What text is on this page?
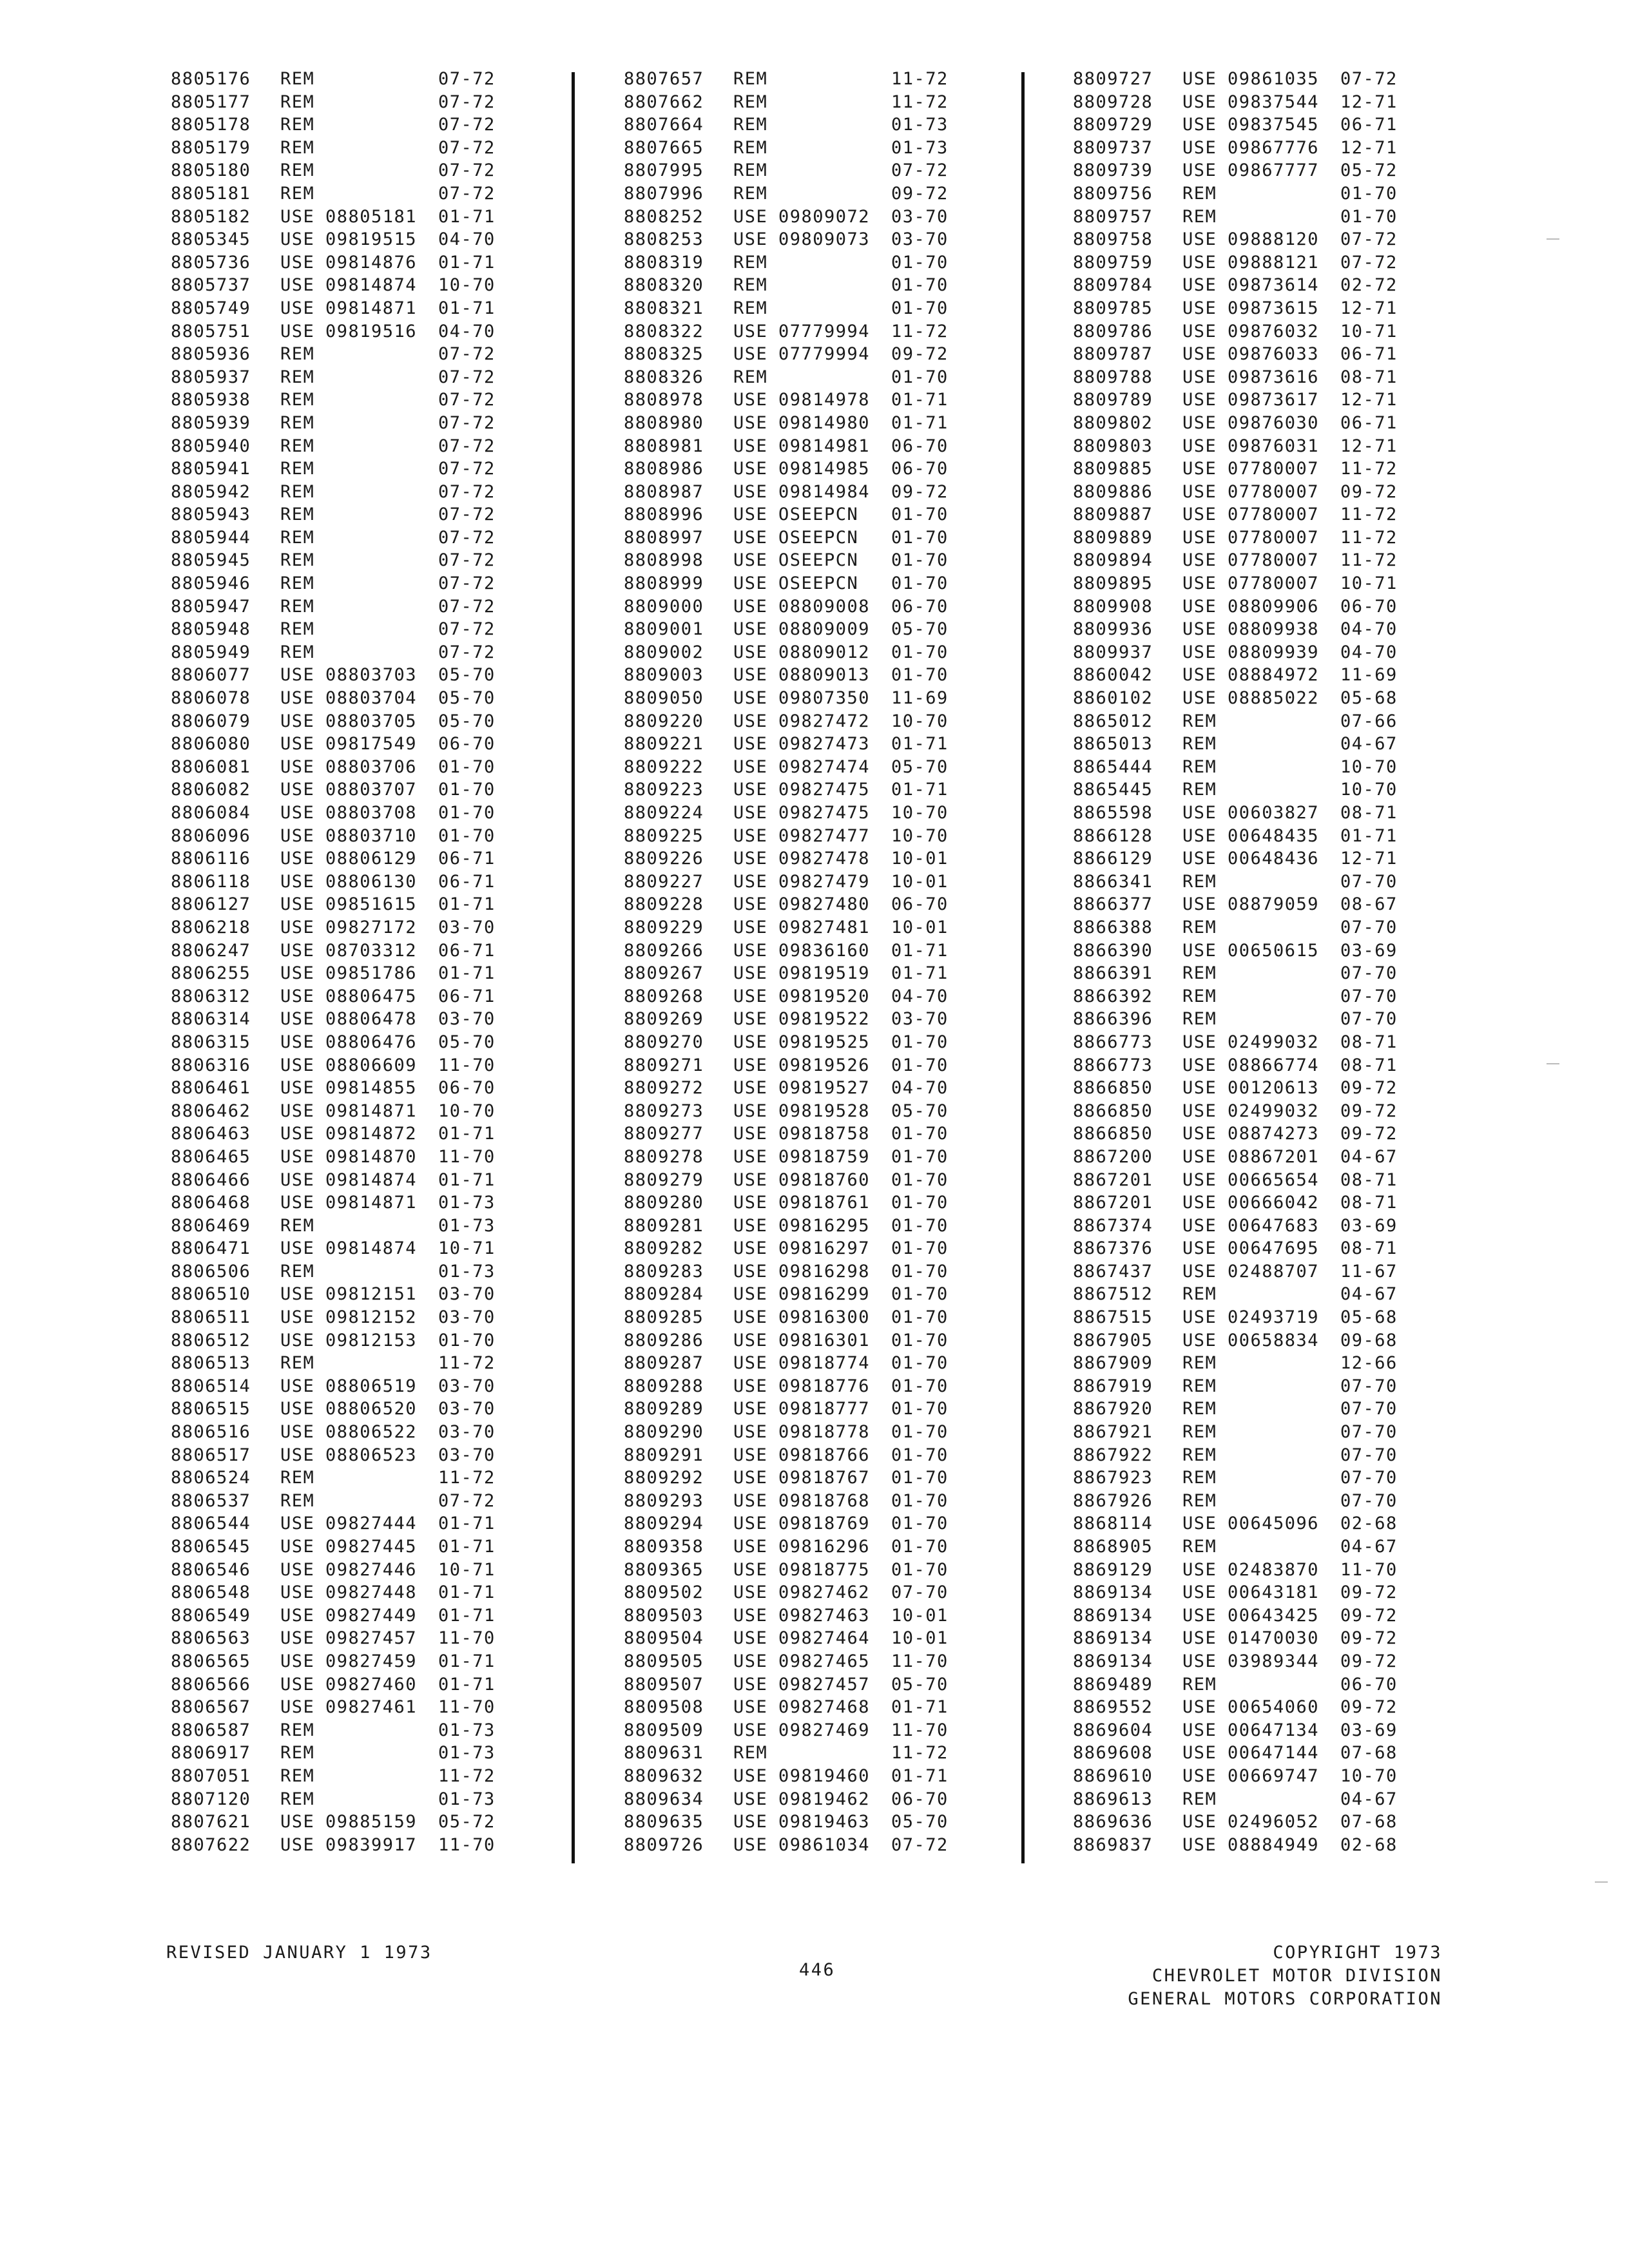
8805176 REM	07-72
8805177 REM	07-72
8805178 REM	07-72
8805179 REM	07-72
8805180 REM	07-72
8805181 REM	07-72
8805182 USE 08805181 01-71
8805345 USE 09819515 04-70
8805736 USE 09814876 01-71
8805737 USE 09814874 10-70
8805749 USE 09814871 01-71
8805751 USE 09819516 04-70
8805936 REM	07-72
8805937 REM	07-72
8805938 REM	07-72
8805939 REM	07-72
8805940 REM	07-72
8805941 REM	07-72
8805942 REM	07-72
8805943 REM	07-72
8805944 REM	07-72
8805945 REM	07-72
8805946 REM	07-72
8805947 REM	07-72
8805948 REM	07-72
8805949 REM	07-72
8806077 USE 08803703 05-70
8806078 USE 08803704 05-70
8806079 USE 08803705 05-70
8806080 USE 09817549 06-70
8806081 USE 08803706 01-70
8806082 USE 08803707 01-70
8806084 USE 08803708 01-70
8806096 USE 08803710 01-70
8806116 USE 08806129 06-71
8806118 USE 08806130 06-71
8806127 USE 09851615 01-71
8806218 USE 09827172 03-70
8806247 USE 08703312 06-71
8806255 USE 09851786 01-71
8806312 USE 08806475 06-71
8806314 USE 08806478 03-70
8806315 USE 08806476 05-70
8806316 USE 08806609 11-70
8806461 USE 09814855 06-70
8806462 USE 09814871 10-70
8806463 USE 09814872 01-71
8806465 USE 09814870 11-70
8806466 USE 09814874 01-71
8806468 USE 09814871 01-73
8806469 REM	01-73
8806471 USE 09814874 10-71
8806506 REM	01-73
8806510 USE 09812151 03-70
8806511 USE 09812152 03-70
8806512 USE 09812153 01-70
8806513 REM	11-72
8806514 USE 08806519 03-70
8806515 USE 08806520 03-70
8806516 USE 08806522 03-70
8806517 USE 08806523 03-70
8806524 REM	11-72
8806537 REM	07-72
8806544 USE 09827444 01-71
8806545 USE 09827445 01-71
8806546 USE 09827446 10-71
8806548 USE 09827448 01-71
8806549 USE 09827449 01-71
8806563 USE 09827457 11-70
8806565 USE 09827459 01-71
8806566 USE 09827460 01-71
8806567 USE 09827461 11-70
8806587 REM	01-73
8806917 REM	01-73
8807051 REM	11-72
8807120 REM	01-73
8807621 USE 09885159 05-72
8807622 USE 09839917 11-70
8807657 REM	11-72
8807662 REM	11-72
8807664 REM	01-73
8807665 REM	01-73
8807995 REM	07-72
8807996 REM	09-72
8808252 USE 09809072 03-70
8808253 USE 09809073 03-70
8808319 REM	01-70
8808320 REM	01-70
8808321 REM	01-70
8808322 USE 07779994 11-72
8808325 USE 07779994 09-72
8808326 REM	01-70
8808978 USE 09814978 01-71
8808980 USE 09814980 01-71
8808981 USE 09814981 06-70
8808986 USE 09814985 06-70
8808987 USE 09814984 09-72
8808996 USE OSEEPCN 01-70
8808997 USE OSEEPCN 01-70
8808998 USE OSEEPCN 01-70
8808999 USE OSEEPCN 01-70
8809000 USE 08809008 06-70
8809001 USE 08809009 05-70
8809002 USE 08809012 01-70
8809003 USE 08809013 01-70
8809050 USE 09807350 11-69
8809220 USE 09827472 10-70
8809221 USE 09827473 01-71
8809222 USE 09827474 05-70
8809223 USE 09827475 01-71
8809224 USE 09827475 10-70
8809225 USE 09827477 10-70
8809226 USE 09827478 10-01
8809227 USE 09827479 10-01
8809228 USE 09827480 06-70
8809229 USE 09827481 10-01
8809266 USE 09836160 01-71
8809267 USE 09819519 01-71
8809268 USE 09819520 04-70
8809269 USE 09819522 03-70
8809270 USE 09819525 01-70
8809271 USE 09819526 01-70
8809272 USE 09819527 04-70
8809273 USE 09819528 05-70
8809277 USE 09818758 01-70
8809278 USE 09818759 01-70
8809279 USE 09818760 01-70
8809280 USE 09818761 01-70
8809281 USE 09816295 01-70
8809282 USE 09816297 01-70
8809283 USE 09816298 01-70
8809284 USE 09816299 01-70
8809285 USE 09816300 01-70
8809286 USE 09816301 01-70
8809287 USE 09818774 01-70
8809288 USE 09818776 01-70
8809289 USE 09818777 01-70
8809290 USE 09818778 01-70
8809291 USE 09818766 01-70
8809292 USE 09818767 01-70
8809293 USE 09818768 01-70
8809294 USE 09818769 01-70
8809358 USE 09816296 01-70
8809365 USE 09818775 01-70
8809502 USE 09827462 07-70
8809503 USE 09827463 10-01
8809504 USE 09827464 10-01
8809505 USE 09827465 11-70
8809507 USE 09827457 05-70
8809508 USE 09827468 01-71
8809509 USE 09827469 11-70
8809631 REM	11-72
8809632 USE 09819460 01-71
8809634 USE 09819462 06-70
8809635 USE 09819463 05-70
8809726 USE 09861034 07-72
8809727 USE 09861035 07-72
8809728 USE 09837544 12-71
8809729 USE 09837545 06-71
8809737 USE 09867776 12-71
8809739 USE 09867777 05-72
8809756 REM	01-70
8809757 REM	01-70
8809758 USE 09888120 07-72
8809759 USE 09888121 07-72
8809784 USE 09873614 02-72
8809785 USE 09873615 12-71
8809786 USE 09876032 10-71
8809787 USE 09876033 06-71
8809788 USE 09873616 08-71
8809789 USE 09873617 12-71
8809802 USE 09876030 06-71
8809803 USE 09876031 12-71
8809885 USE 07780007 11-72
8809886 USE 07780007 09-72
8809887 USE 07780007 11-72
8809889 USE 07780007 11-72
8809894 USE 07780007 11-72
8809895 USE 07780007 10-71
8809908 USE 08809906 06-70
8809936 USE 08809938 04-70
8809937 USE 08809939 04-70
8860042 USE 08884972 11-69
8860102 USE 08885022 05-68
8865012 REM	07-66
8865013 REM	04-67
8865444 REM	10-70
8865445 REM	10-70
8865598 USE 00603827 08-71
8866128 USE 00648435 01-71
8866129 USE 00648436 12-71
8866341 REM	07-70
8866377 USE 08879059 08-67
8866388 REM	07-70
8866390 USE 00650615 03-69
8866391 REM	07-70
8866392 REM	07-70
8866396 REM	07-70
8866773 USE 02499032 08-71
8866773 USE 08866774 08-71
8866850 USE 00120613 09-72
8866850 USE 02499032 09-72
8866850 USE 08874273 09-72
8867200 USE 08867201 04-67
8867201 USE 00665654 08-71
8867201 USE 00666042 08-71
8867374 USE 00647683 03-69
8867376 USE 00647695 08-71
8867437 USE 02488707 11-67
8867512 REM	04-67
8867515 USE 02493719 05-68
8867905 USE 00658834 09-68
8867909 REM	12-66
8867919 REM	07-70
8867920 REM	07-70
8867921 REM	07-70
8867922 REM	07-70
8867923 REM	07-70
8867926 REM	07-70
8868114 USE 00645096 02-68
8868905 REM	04-67
8869129 USE 02483870 11-70
8869134 USE 00643181 09-72
8869134 USE 00643425 09-72
8869134 USE 01470030 09-72
8869134 USE 03989344 09-72
8869489 REM	06-70
8869552 USE 00654060 09-72
8869604 USE 00647134 03-69
8869608 USE 00647144 07-68
8869610 USE 00669747 10-70
8869613 REM	04-67
8869636 USE 02496052 07-68
8869837 USE 08884949 02-68
REVISED JANUARY 1 1973
446
COPYRIGHT 1973
CHEVROLET MOTOR DIVISION
GENERAL MOTORS CORPORATION
